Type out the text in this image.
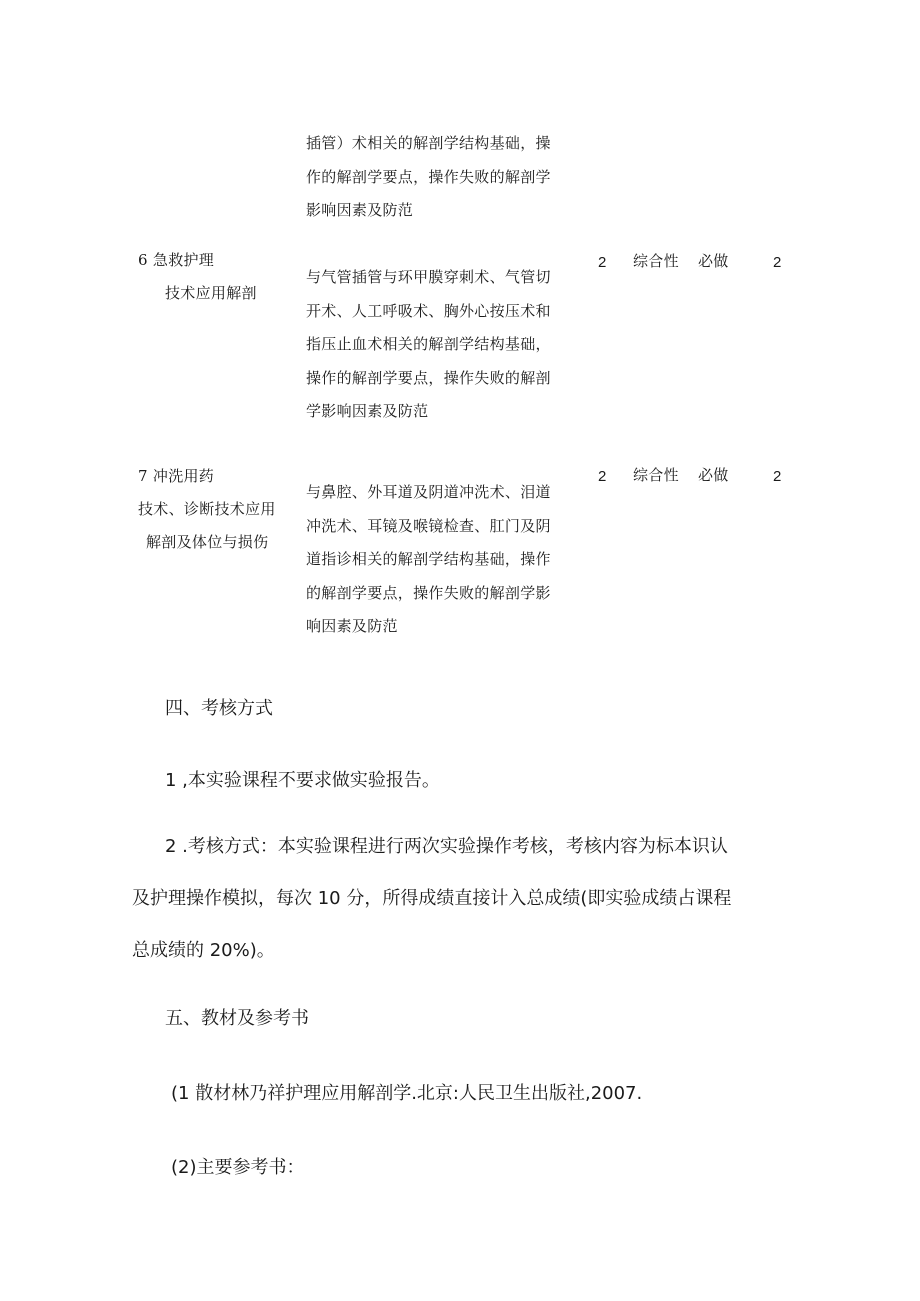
插管）术相关的解剖学结构基础，操
作的解剖学要点，操作失败的解剖学
影响因素及防范
6 急救护理
技术应用解剖
与气管插管与环甲膜穿刺术、气管切
开术、人工呼吸术、胸外心按压术和
指压止血术相关的解剖学结构基础，
操作的解剖学要点，操作失败的解剖
学影响因素及防范
2 综合性 必做	2
7 冲洗用药
技术、诊断技术应用
解剖及体位与损伤
与鼻腔、外耳道及阴道冲洗术、泪道
冲洗术、耳镜及喉镜检查、肛门及阴
道指诊相关的解剖学结构基础，操作
的解剖学要点，操作失败的解剖学影
响因素及防范
2 综合性 必做	2
四、考核方式
1 ,本实验课程不要求做实验报告。
2 .考核方式：本实验课程进行两次实验操作考核，考核内容为标本识认
及护理操作模拟，每次 10 分，所得成绩直接计入总成绩(即实验成绩占课程
总成绩的 20%)。
五、教材及参考书
(1 散材林乃祥护理应用解剖学.北京:人民卫生出版社,2007.
(2)主要参考书：
